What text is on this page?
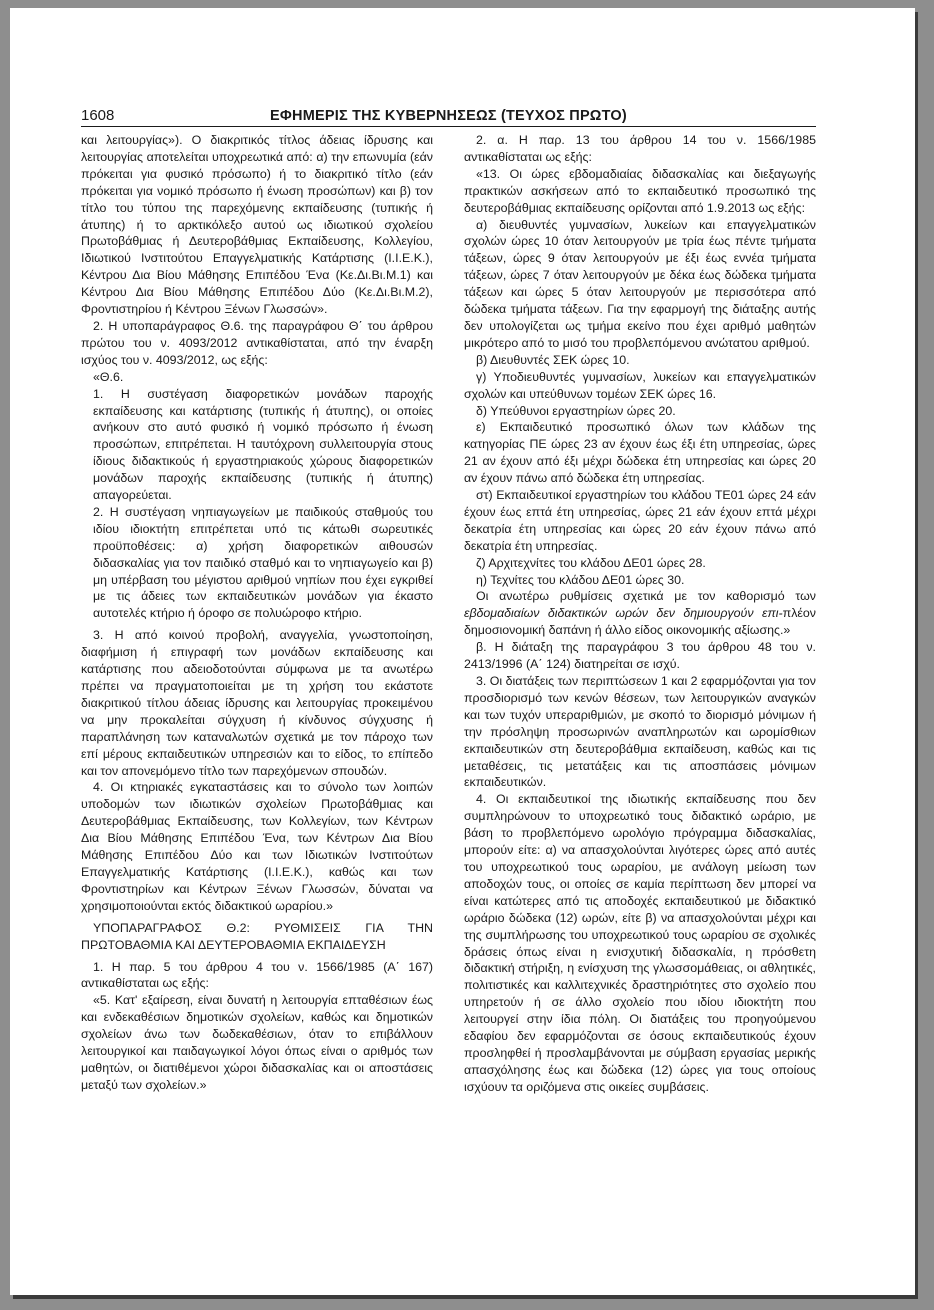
1608	ΕΦΗΜΕΡΙΣ ΤΗΣ ΚΥΒΕΡΝΗΣΕΩΣ (ΤΕΥΧΟΣ ΠΡΩΤΟ)

και λειτουργίας»). Ο διακριτικός τίτλος άδειας ίδρυσης και λειτουργίας αποτελείται υποχρεωτικά από: α) την επωνυμία (εάν πρόκειται για φυσικό πρόσωπο) ή το διακριτικό τίτλο (εάν πρόκειται για νομικό πρόσωπο ή ένωση προσώπων) και β) τον τίτλο του τύπου της παρεχόμενης εκπαίδευσης (τυπικής ή άτυπης) ή το αρκτικόλεξο αυτού ως ιδιωτικού σχολείου Πρωτοβάθμιας ή Δευτεροβάθμιας Εκπαίδευσης, Κολλεγίου, Ιδιωτικού Ινστιτούτου Επαγγελματικής Κατάρτισης (Ι.Ι.Ε.Κ.), Κέντρου Δια Βίου Μάθησης Επιπέδου Ένα (Κε.Δι.Βι.Μ.1) και Κέντρου Δια Βίου Μάθησης Επιπέδου Δύο (Κε.Δι.Βι.Μ.2), Φροντιστηρίου ή Κέντρου Ξένων Γλωσσών».

2. Η υποπαράγραφος Θ.6. της παραγράφου Θ΄ του άρθρου πρώτου του ν. 4093/2012 αντικαθίσταται, από την έναρξη ισχύος του ν. 4093/2012, ως εξής:

«Θ.6.

1. Η συστέγαση διαφορετικών μονάδων παροχής εκπαίδευσης και κατάρτισης (τυπικής ή άτυπης), οι οποίες ανήκουν στο αυτό φυσικό ή νομικό πρόσωπο ή ένωση προσώπων, επιτρέπεται. Η ταυτόχρονη συλλειτουργία στους ίδιους διδακτικούς ή εργαστηριακούς χώρους διαφορετικών μονάδων παροχής εκπαίδευσης (τυπικής ή άτυπης) απαγορεύεται.

2. Η συστέγαση νηπιαγωγείων με παιδικούς σταθμούς του ιδίου ιδιοκτήτη επιτρέπεται υπό τις κάτωθι σωρευτικές προϋποθέσεις: α) χρήση διαφορετικών αιθουσών διδασκαλίας για τον παιδικό σταθμό και το νηπιαγωγείο και β) μη υπέρβαση του μέγιστου αριθμού νηπίων που έχει εγκριθεί με τις άδειες των εκπαιδευτικών μονάδων για έκαστο αυτοτελές κτήριο ή όροφο σε πολυώροφο κτήριο.

3. Η από κοινού προβολή, αναγγελία, γνωστοποίηση, διαφήμιση ή επιγραφή των μονάδων εκπαίδευσης και κατάρτισης που αδειοδοτούνται σύμφωνα με τα ανωτέρω πρέπει να πραγματοποιείται με τη χρήση του εκάστοτε διακριτικού τίτλου άδειας ίδρυσης και λειτουργίας προκειμένου να μην προκαλείται σύγχυση ή κίνδυνος σύγχυσης ή παραπλάνηση των καταναλωτών σχετικά με τον πάροχο των επί μέρους εκπαιδευτικών υπηρεσιών και το είδος, το επίπεδο και τον απονεμόμενο τίτλο των παρεχόμενων σπουδών.

4. Οι κτηριακές εγκαταστάσεις και το σύνολο των λοιπών υποδομών των ιδιωτικών σχολείων Πρωτοβάθμιας και Δευτεροβάθμιας Εκπαίδευσης, των Κολλεγίων, των Κέντρων Δια Βίου Μάθησης Επιπέδου Ένα, των Κέντρων Δια Βίου Μάθησης Επιπέδου Δύο και των Ιδιωτικών Ινστιτούτων Επαγγελματικής Κατάρτισης (Ι.Ι.Ε.Κ.), καθώς και των Φροντιστηρίων και Κέντρων Ξένων Γλωσσών, δύναται να χρησιμοποιούνται εκτός διδακτικού ωραρίου.»

ΥΠΟΠΑΡΑΓΡΑΦΟΣ Θ.2: ΡΥΘΜΙΣΕΙΣ ΓΙΑ ΤΗΝ ΠΡΩΤΟΒΑΘΜΙΑ ΚΑΙ ΔΕΥΤΕΡΟΒΑΘΜΙΑ ΕΚΠΑΙΔΕΥΣΗ

1. Η παρ. 5 του άρθρου 4 του ν. 1566/1985 (Α΄ 167) αντικαθίσταται ως εξής:

«5. Κατ' εξαίρεση, είναι δυνατή η λειτουργία επταθέσιων έως και ενδεκαθέσιων δημοτικών σχολείων, καθώς και δημοτικών σχολείων άνω των δωδεκαθέσιων, όταν το επιβάλλουν λειτουργικοί και παιδαγωγικοί λόγοι όπως είναι ο αριθμός των μαθητών, οι διατιθέμενοι χώροι διδασκαλίας και οι αποστάσεις μεταξύ των σχολείων.»

2. α. Η παρ. 13 του άρθρου 14 του ν. 1566/1985 αντικαθίσταται ως εξής:

«13. Οι ώρες εβδομαδιαίας διδασκαλίας και διεξαγωγής πρακτικών ασκήσεων από το εκπαιδευτικό προσωπικό της δευτεροβάθμιας εκπαίδευσης ορίζονται από 1.9.2013 ως εξής:

α) διευθυντές γυμνασίων, λυκείων και επαγγελματικών σχολών ώρες 10 όταν λειτουργούν με τρία έως πέντε τμήματα τάξεων, ώρες 9 όταν λειτουργούν με έξι έως εννέα τμήματα τάξεων, ώρες 7 όταν λειτουργούν με δέκα έως δώδεκα τμήματα τάξεων και ώρες 5 όταν λειτουργούν με περισσότερα από δώδεκα τμήματα τάξεων. Για την εφαρμογή της διάταξης αυτής δεν υπολογίζεται ως τμήμα εκείνο που έχει αριθμό μαθητών μικρότερο από το μισό του προβλεπόμενου ανώτατου αριθμού.

β) Διευθυντές ΣΕΚ ώρες 10.

γ) Υποδιευθυντές γυμνασίων, λυκείων και επαγγελματικών σχολών και υπεύθυνων τομέων ΣΕΚ ώρες 16.

δ) Υπεύθυνοι εργαστηρίων ώρες 20.

ε) Εκπαιδευτικό προσωπικό όλων των κλάδων της κατηγορίας ΠΕ ώρες 23 αν έχουν έως έξι έτη υπηρεσίας, ώρες 21 αν έχουν από έξι μέχρι δώδεκα έτη υπηρεσίας και ώρες 20 αν έχουν πάνω από δώδεκα έτη υπηρεσίας.

στ) Εκπαιδευτικοί εργαστηρίων του κλάδου ΤΕ01 ώρες 24 εάν έχουν έως επτά έτη υπηρεσίας, ώρες 21 εάν έχουν επτά μέχρι δεκατρία έτη υπηρεσίας και ώρες 20 εάν έχουν πάνω από δεκατρία έτη υπηρεσίας.

ζ) Αρχιτεχνίτες του κλάδου ΔΕ01 ώρες 28.

η) Τεχνίτες του κλάδου ΔΕ01 ώρες 30.

Οι ανωτέρω ρυθμίσεις σχετικά με τον καθορισμό των εβδομαδιαίων διδακτικών ωρών δεν δημιουργούν επι-πλέον δημοσιονομική δαπάνη ή άλλο είδος οικονομικής αξίωσης.»

β. Η διάταξη της παραγράφου 3 του άρθρου 48 του ν. 2413/1996 (Α΄ 124) διατηρείται σε ισχύ.

3. Οι διατάξεις των περιπτώσεων 1 και 2 εφαρμόζονται για τον προσδιορισμό των κενών θέσεων, των λειτουργικών αναγκών και των τυχόν υπεραριθμιών, με σκοπό το διορισμό μόνιμων ή την πρόσληψη προσωρινών αναπληρωτών και ωρομίσθιων εκπαιδευτικών στη δευτεροβάθμια εκπαίδευση, καθώς και τις μεταθέσεις, τις μετατάξεις και τις αποσπάσεις μόνιμων εκπαιδευτικών.

4. Οι εκπαιδευτικοί της ιδιωτικής εκπαίδευσης που δεν συμπληρώνουν το υποχρεωτικό τους διδακτικό ωράριο, με βάση το προβλεπόμενο ωρολόγιο πρόγραμμα διδασκαλίας, μπορούν είτε: α) να απασχολούνται λιγότερες ώρες από αυτές του υποχρεωτικού τους ωραρίου, με ανάλογη μείωση των αποδοχών τους, οι οποίες σε καμία περίπτωση δεν μπορεί να είναι κατώτερες από τις αποδοχές εκπαιδευτικού με διδακτικό ωράριο δώδεκα (12) ωρών, είτε β) να απασχολούνται μέχρι και της συμπλήρωσης του υποχρεωτικού τους ωραρίου σε σχολικές δράσεις όπως είναι η ενισχυτική διδασκαλία, η πρόσθετη διδακτική στήριξη, η ενίσχυση της γλωσσομάθειας, οι αθλητικές, πολιτιστικές και καλλιτεχνικές δραστηριότητες στο σχολείο που υπηρετούν ή σε άλλο σχολείο που ιδίου ιδιοκτήτη που λειτουργεί στην ίδια πόλη. Οι διατάξεις του προηγούμενου εδαφίου δεν εφαρμόζονται σε όσους εκπαιδευτικούς έχουν προσληφθεί ή προσλαμβάνονται με σύμβαση εργασίας μερικής απασχόλησης έως και δώδεκα (12) ώρες για τους οποίους ισχύουν τα οριζόμενα στις οικείες συμβάσεις.
